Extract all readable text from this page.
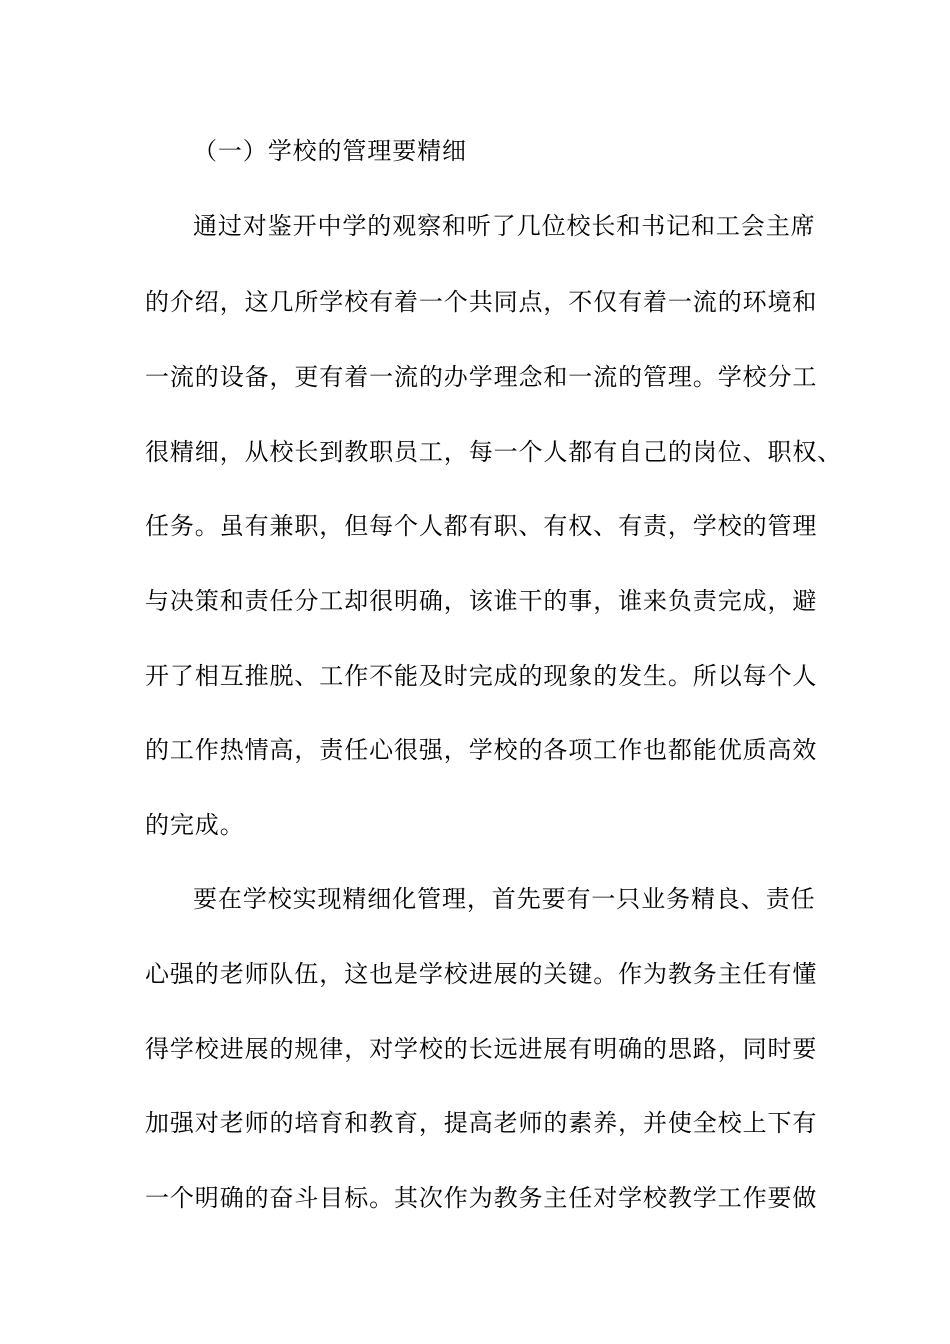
（一）学校的管理要精细
通过对鉴开中学的观察和听了几位校长和书记和工会主席
的介绍，这几所学校有着一个共同点，不仅有着一流的环境和
一流的设备，更有着一流的办学理念和一流的管理。学校分工
很精细，从校长到教职员工，每一个人都有自己的岗位、职权、
任务。虽有兼职，但每个人都有职、有权、有责，学校的管理
与决策和责任分工却很明确，该谁干的事，谁来负责完成，避
开了相互推脱、工作不能及时完成的现象的发生。所以每个人
的工作热情高，责任心很强，学校的各项工作也都能优质高效
的完成。
要在学校实现精细化管理，首先要有一只业务精良、责任
心强的老师队伍，这也是学校进展的关键。作为教务主任有懂
得学校进展的规律，对学校的长远进展有明确的思路，同时要
加强对老师的培育和教育，提高老师的素养，并使全校上下有
一个明确的奋斗目标。其次作为教务主任对学校教学工作要做
